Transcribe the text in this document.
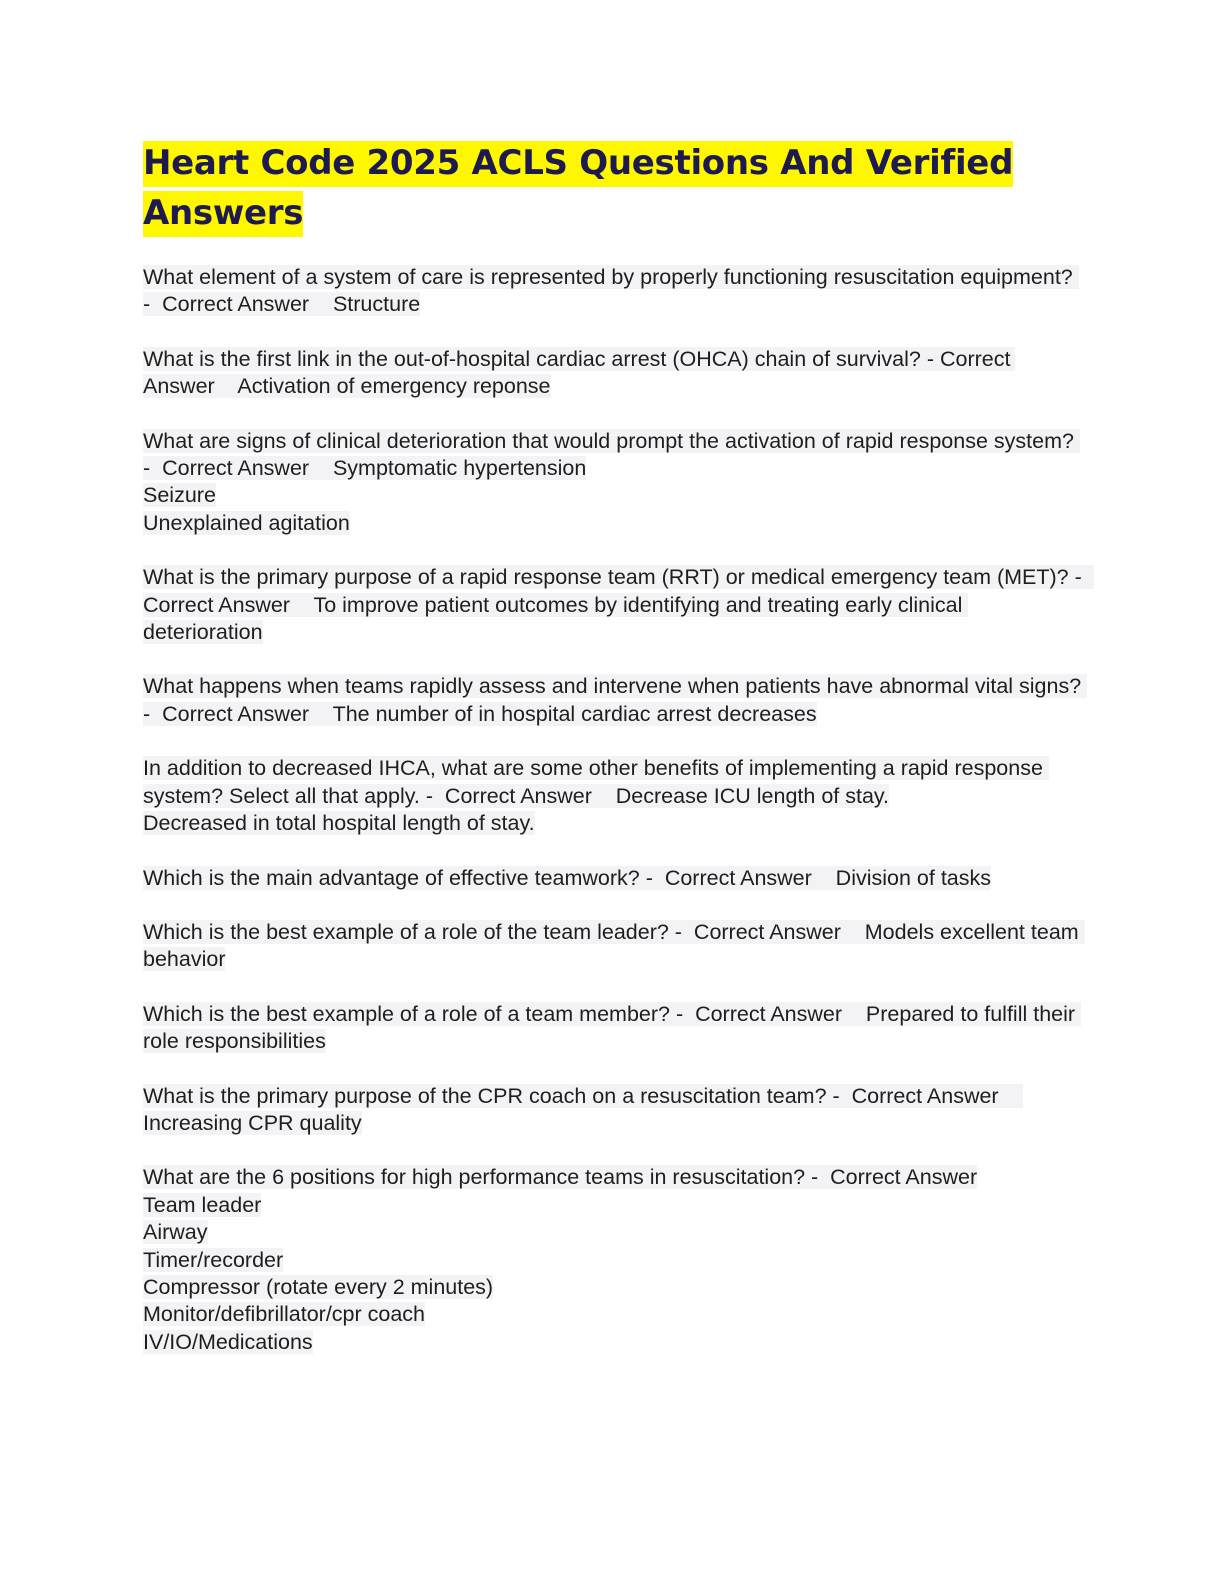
Heart Code 2025 ACLS Questions And Verified Answers
What element of a system of care is represented by properly functioning resuscitation equipment? -  Correct Answer    Structure
What is the first link in the out-of-hospital cardiac arrest (OHCA) chain of survival? - Correct Answer    Activation of emergency reponse
What are signs of clinical deterioration that would prompt the activation of rapid response system? -  Correct Answer    Symptomatic hypertension
Seizure
Unexplained agitation
What is the primary purpose of a rapid response team (RRT) or medical emergency team (MET)? -  Correct Answer    To improve patient outcomes by identifying and treating early clinical deterioration
What happens when teams rapidly assess and intervene when patients have abnormal vital signs? -  Correct Answer    The number of in hospital cardiac arrest decreases
In addition to decreased IHCA, what are some other benefits of implementing a rapid response system? Select all that apply. -  Correct Answer    Decrease ICU length of stay.
Decreased in total hospital length of stay.
Which is the main advantage of effective teamwork? -  Correct Answer    Division of tasks
Which is the best example of a role of the team leader? -  Correct Answer    Models excellent team behavior
Which is the best example of a role of a team member? -  Correct Answer    Prepared to fulfill their role responsibilities
What is the primary purpose of the CPR coach on a resuscitation team? -  Correct Answer    Increasing CPR quality
What are the 6 positions for high performance teams in resuscitation? -  Correct Answer
Team leader
Airway
Timer/recorder
Compressor (rotate every 2 minutes)
Monitor/defibrillator/cpr coach
IV/IO/Medications
